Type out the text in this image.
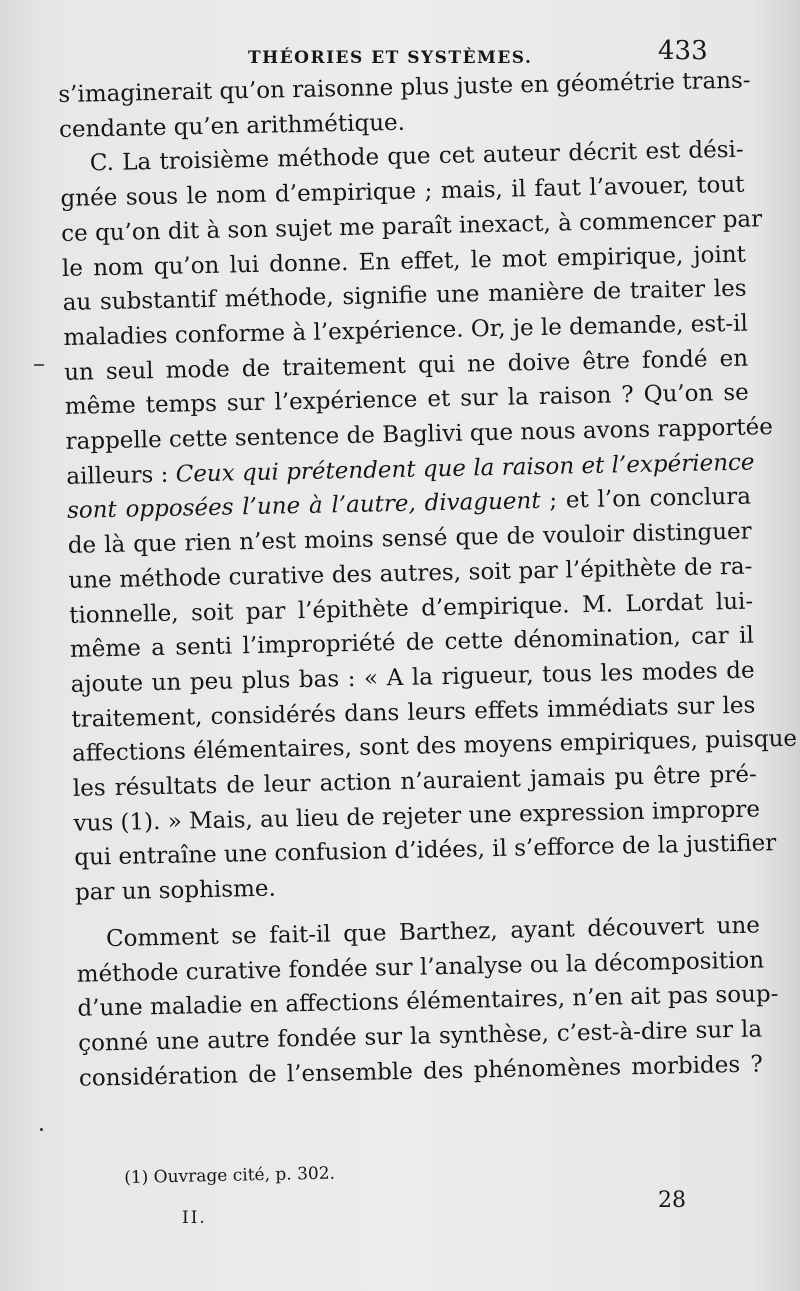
THÉORIES ET SYSTÈMES.	433
s’imaginerait qu’on raisonne plus juste en géométrie trans-
cendante qu’en arithmétique.
C. La troisième méthode que cet auteur décrit est dési-
gnée sous le nom d’empirique ; mais, il faut l’avouer, tout
ce qu’on dit à son sujet me paraît inexact, à commencer par
le nom qu’on lui donne. En effet, le mot empirique, joint
au substantif méthode, signifie une manière de traiter les
maladies conforme à l’expérience. Or, je le demande, est-il
un seul mode de traitement qui ne doive être fondé en
même temps sur l’expérience et sur la raison ? Qu’on se
rappelle cette sentence de Baglivi que nous avons rapportée
ailleurs : Ceux qui prétendent que la raison et l’expérience
sont opposées l’une à l’autre, divaguent ; et l’on conclura
de là que rien n’est moins sensé que de vouloir distinguer
une méthode curative des autres, soit par l’épithète de ra-
tionnelle, soit par l’épithète d’empirique. M. Lordat lui-
même a senti l’impropriété de cette dénomination, car il
ajoute un peu plus bas : « A la rigueur, tous les modes de
traitement, considérés dans leurs effets immédiats sur les
affections élémentaires, sont des moyens empiriques, puisque
les résultats de leur action n’auraient jamais pu être pré-
vus (1). » Mais, au lieu de rejeter une expression impropre
qui entraîne une confusion d’idées, il s’efforce de la justifier
par un sophisme.
Comment se fait-il que Barthez, ayant découvert une
méthode curative fondée sur l’analyse ou la décomposition
d’une maladie en affections élémentaires, n’en ait pas soup-
çonné une autre fondée sur la synthèse, c’est-à-dire sur la
considération de l’ensemble des phénomènes morbides ?
(1) Ouvrage cité, p. 302.
II.
28
